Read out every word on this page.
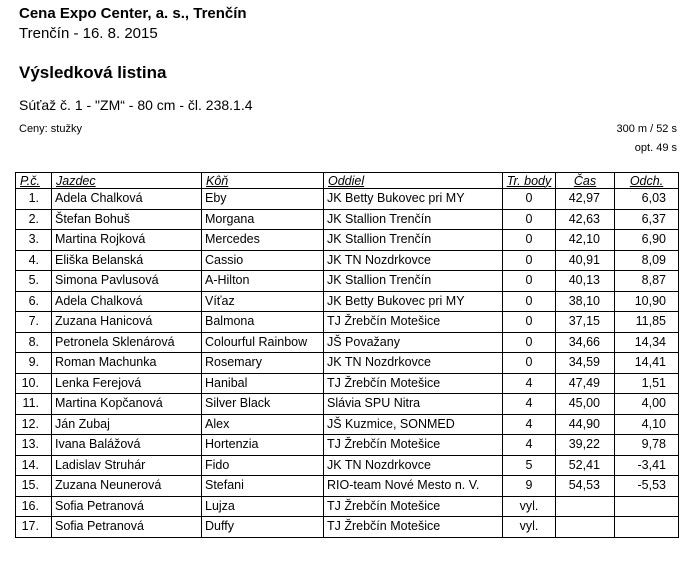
Cena Expo Center, a. s., Trenčín
Trenčín - 16. 8. 2015
Výsledková listina
Súťaž č. 1 - "ZM“ - 80 cm - čl. 238.1.4
Ceny: stužky	300 m / 52 s
opt. 49 s
P.č.	Jazdec	Kôň	Oddiel	Tr. body	Čas	Odch.
1.	Adela Chalková	Eby	JK Betty Bukovec pri MY	0	42,97	6,03
2.	Štefan Bohuš	Morgana	JK Stallion Trenčín	0	42,63	6,37
3.	Martina Rojková	Mercedes	JK Stallion Trenčín	0	42,10	6,90
4.	Eliška Belanská	Cassio	JK TN Nozdrkovce	0	40,91	8,09
5.	Simona Pavlusová	A-Hilton	JK Stallion Trenčín	0	40,13	8,87
6.	Adela Chalková	Víťaz	JK Betty Bukovec pri MY	0	38,10	10,90
7.	Zuzana Hanicová	Balmona	TJ Žrebčín Motešice	0	37,15	11,85
8.	Petronela Sklenárová	Colourful Rainbow	JŠ Považany	0	34,66	14,34
9.	Roman Machunka	Rosemary	JK TN Nozdrkovce	0	34,59	14,41
10.	Lenka Ferejová	Hanibal	TJ Žrebčín Motešice	4	47,49	1,51
11.	Martina Kopčanová	Silver Black	Slávia SPU Nitra	4	45,00	4,00
12.	Ján Zubaj	Alex	JŠ Kuzmice, SONMED	4	44,90	4,10
13.	Ivana Balážová	Hortenzia	TJ Žrebčín Motešice	4	39,22	9,78
14.	Ladislav Struhár	Fido	JK TN Nozdrkovce	5	52,41	-3,41
15.	Zuzana Neunerová	Stefani	RIO-team Nové Mesto n. V.	9	54,53	-5,53
16.	Sofia Petranová	Lujza	TJ Žrebčín Motešice	vyl.		
17.	Sofia Petranová	Duffy	TJ Žrebčín Motešice	vyl.		
